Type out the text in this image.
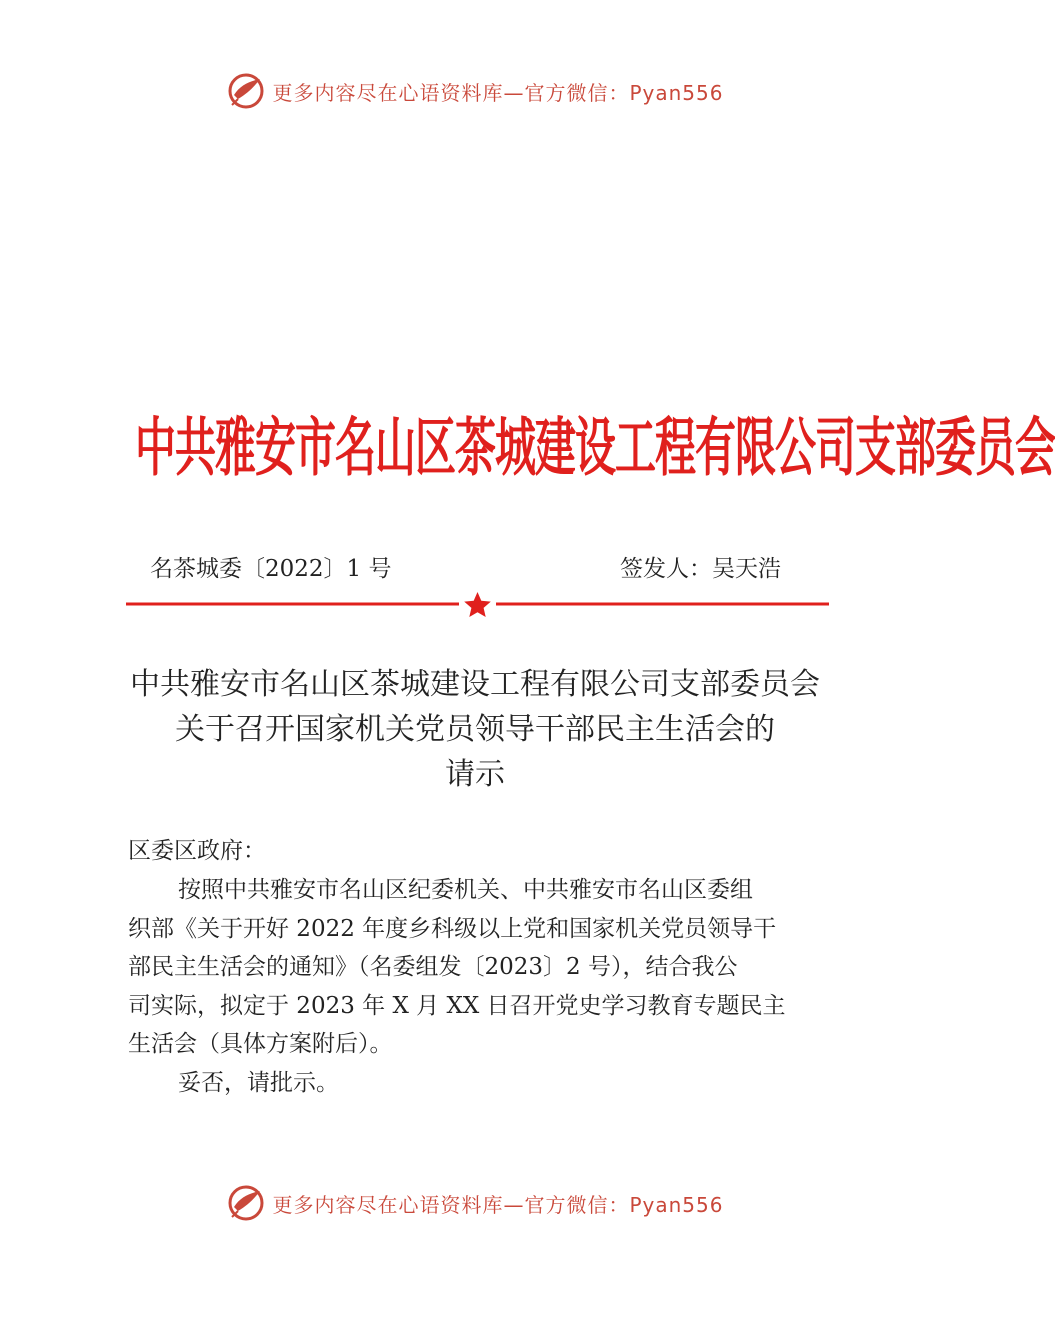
更多内容尽在心语资料库—官方微信：Pyan556
中共雅安市名山区茶城建设工程有限公司支部委员会
名茶城委〔2022〕1 号	签发人：吴天浩
中共雅安市名山区茶城建设工程有限公司支部委员会
关于召开国家机关党员领导干部民主生活会的
请示
区委区政府：
按照中共雅安市名山区纪委机关、中共雅安市名山区委组
织部《关于开好 2022 年度乡科级以上党和国家机关党员领导干
部民主生活会的通知》（名委组发〔2023〕2 号），结合我公
司实际，拟定于 2023 年 X 月 XX 日召开党史学习教育专题民主
生活会（具体方案附后）。
妥否，请批示。
更多内容尽在心语资料库—官方微信：Pyan556
